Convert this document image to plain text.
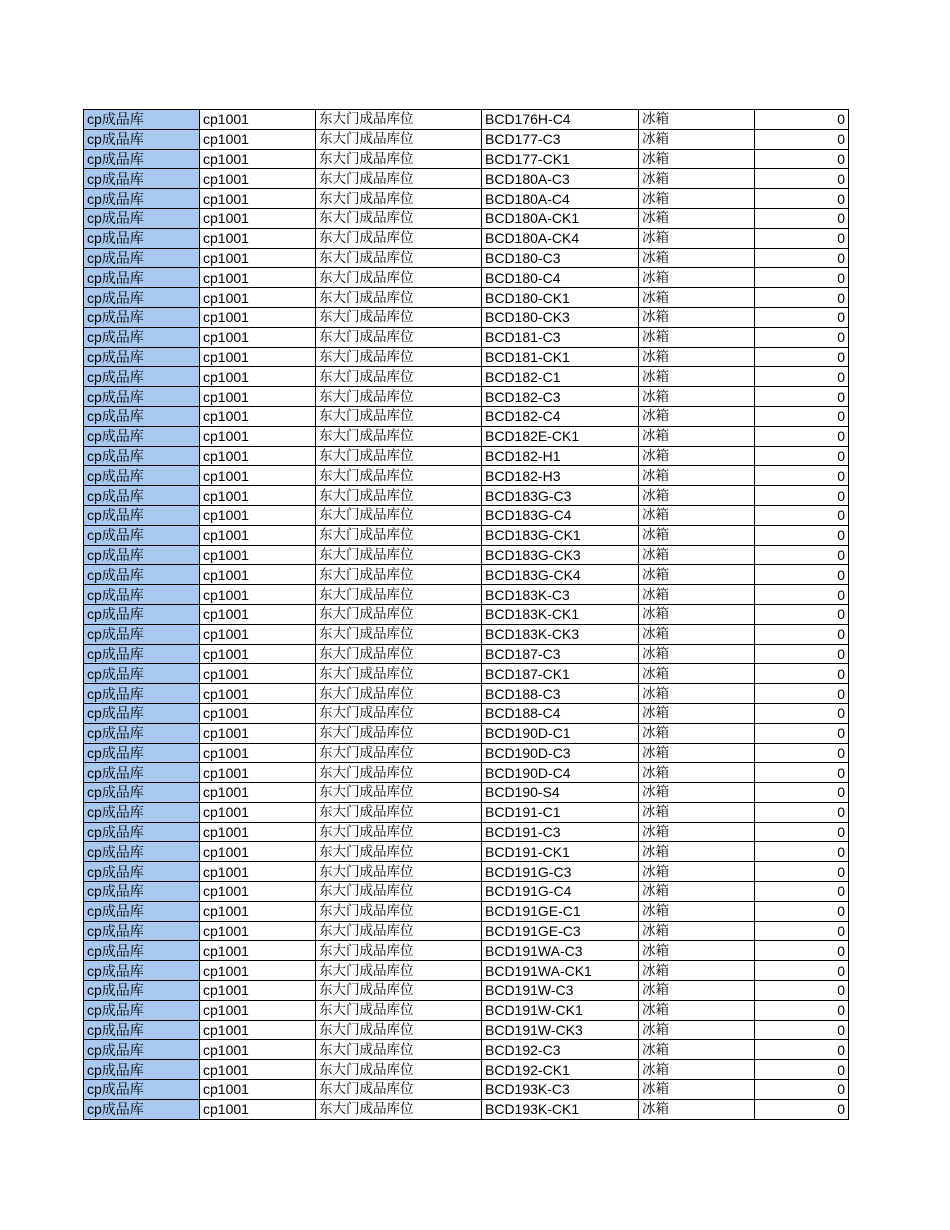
cp成品库	cp1001	东大门成品库位	BCD176H-C4	冰箱	0
cp成品库	cp1001	东大门成品库位	BCD177-C3	冰箱	0
cp成品库	cp1001	东大门成品库位	BCD177-CK1	冰箱	0
cp成品库	cp1001	东大门成品库位	BCD180A-C3	冰箱	0
cp成品库	cp1001	东大门成品库位	BCD180A-C4	冰箱	0
cp成品库	cp1001	东大门成品库位	BCD180A-CK1	冰箱	0
cp成品库	cp1001	东大门成品库位	BCD180A-CK4	冰箱	0
cp成品库	cp1001	东大门成品库位	BCD180-C3	冰箱	0
cp成品库	cp1001	东大门成品库位	BCD180-C4	冰箱	0
cp成品库	cp1001	东大门成品库位	BCD180-CK1	冰箱	0
cp成品库	cp1001	东大门成品库位	BCD180-CK3	冰箱	0
cp成品库	cp1001	东大门成品库位	BCD181-C3	冰箱	0
cp成品库	cp1001	东大门成品库位	BCD181-CK1	冰箱	0
cp成品库	cp1001	东大门成品库位	BCD182-C1	冰箱	0
cp成品库	cp1001	东大门成品库位	BCD182-C3	冰箱	0
cp成品库	cp1001	东大门成品库位	BCD182-C4	冰箱	0
cp成品库	cp1001	东大门成品库位	BCD182E-CK1	冰箱	0
cp成品库	cp1001	东大门成品库位	BCD182-H1	冰箱	0
cp成品库	cp1001	东大门成品库位	BCD182-H3	冰箱	0
cp成品库	cp1001	东大门成品库位	BCD183G-C3	冰箱	0
cp成品库	cp1001	东大门成品库位	BCD183G-C4	冰箱	0
cp成品库	cp1001	东大门成品库位	BCD183G-CK1	冰箱	0
cp成品库	cp1001	东大门成品库位	BCD183G-CK3	冰箱	0
cp成品库	cp1001	东大门成品库位	BCD183G-CK4	冰箱	0
cp成品库	cp1001	东大门成品库位	BCD183K-C3	冰箱	0
cp成品库	cp1001	东大门成品库位	BCD183K-CK1	冰箱	0
cp成品库	cp1001	东大门成品库位	BCD183K-CK3	冰箱	0
cp成品库	cp1001	东大门成品库位	BCD187-C3	冰箱	0
cp成品库	cp1001	东大门成品库位	BCD187-CK1	冰箱	0
cp成品库	cp1001	东大门成品库位	BCD188-C3	冰箱	0
cp成品库	cp1001	东大门成品库位	BCD188-C4	冰箱	0
cp成品库	cp1001	东大门成品库位	BCD190D-C1	冰箱	0
cp成品库	cp1001	东大门成品库位	BCD190D-C3	冰箱	0
cp成品库	cp1001	东大门成品库位	BCD190D-C4	冰箱	0
cp成品库	cp1001	东大门成品库位	BCD190-S4	冰箱	0
cp成品库	cp1001	东大门成品库位	BCD191-C1	冰箱	0
cp成品库	cp1001	东大门成品库位	BCD191-C3	冰箱	0
cp成品库	cp1001	东大门成品库位	BCD191-CK1	冰箱	0
cp成品库	cp1001	东大门成品库位	BCD191G-C3	冰箱	0
cp成品库	cp1001	东大门成品库位	BCD191G-C4	冰箱	0
cp成品库	cp1001	东大门成品库位	BCD191GE-C1	冰箱	0
cp成品库	cp1001	东大门成品库位	BCD191GE-C3	冰箱	0
cp成品库	cp1001	东大门成品库位	BCD191WA-C3	冰箱	0
cp成品库	cp1001	东大门成品库位	BCD191WA-CK1	冰箱	0
cp成品库	cp1001	东大门成品库位	BCD191W-C3	冰箱	0
cp成品库	cp1001	东大门成品库位	BCD191W-CK1	冰箱	0
cp成品库	cp1001	东大门成品库位	BCD191W-CK3	冰箱	0
cp成品库	cp1001	东大门成品库位	BCD192-C3	冰箱	0
cp成品库	cp1001	东大门成品库位	BCD192-CK1	冰箱	0
cp成品库	cp1001	东大门成品库位	BCD193K-C3	冰箱	0
cp成品库	cp1001	东大门成品库位	BCD193K-CK1	冰箱	0
